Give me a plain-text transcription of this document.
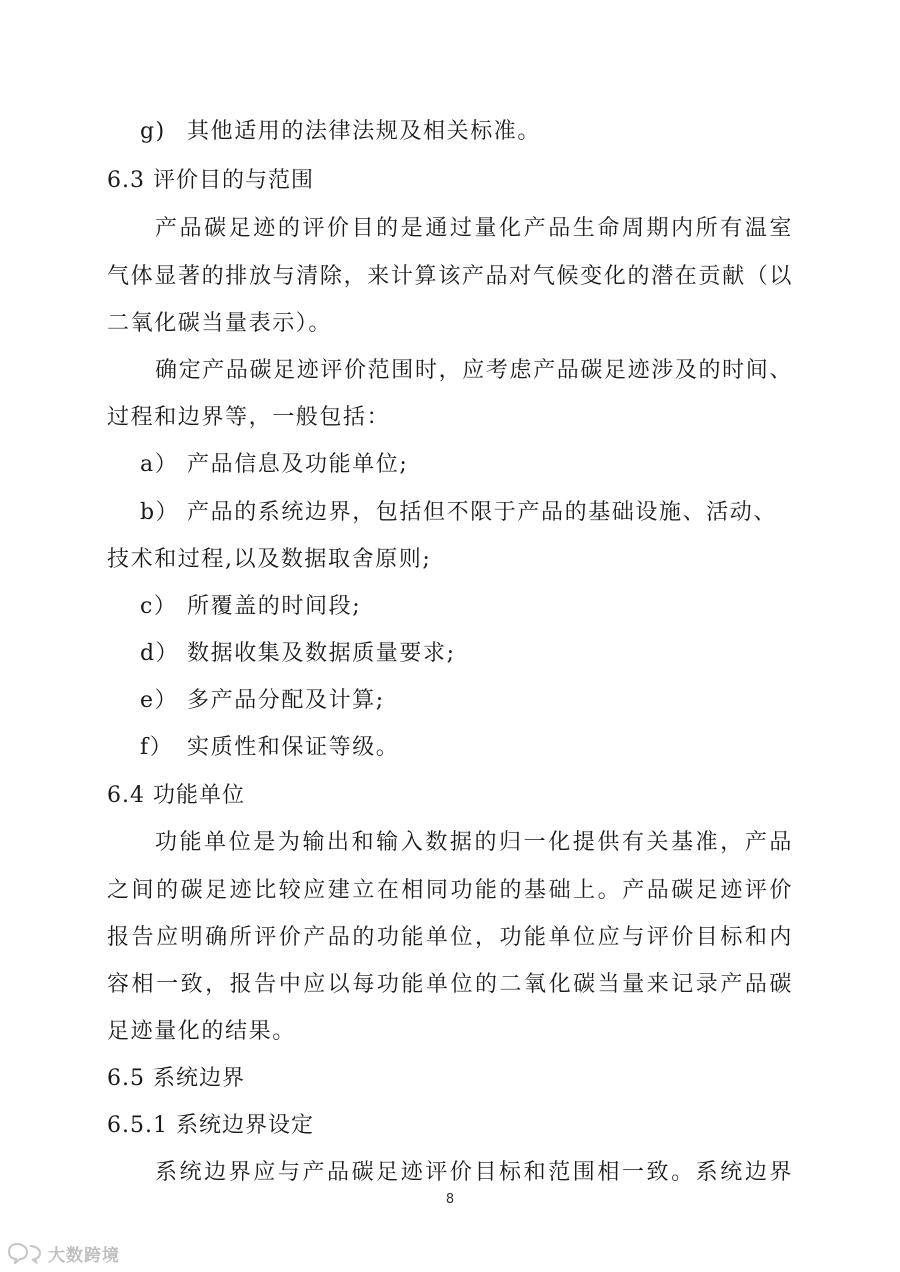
g) 其他适用的法律法规及相关标准。
6.3 评价目的与范围
产品碳足迹的评价目的是通过量化产品生命周期内所有温室
气体显著的排放与清除，来计算该产品对气候变化的潜在贡献（以
二氧化碳当量表示）。
确定产品碳足迹评价范围时，应考虑产品碳足迹涉及的时间、
过程和边界等，一般包括：
a） 产品信息及功能单位;
b） 产品的系统边界，包括但不限于产品的基础设施、活动、
技术和过程,以及数据取舍原则;
c） 所覆盖的时间段;
d） 数据收集及数据质量要求;
e） 多产品分配及计算;
f） 实质性和保证等级。
6.4 功能单位
功能单位是为输出和输入数据的归一化提供有关基准，产品
之间的碳足迹比较应建立在相同功能的基础上。产品碳足迹评价
报告应明确所评价产品的功能单位，功能单位应与评价目标和内
容相一致，报告中应以每功能单位的二氧化碳当量来记录产品碳
足迹量化的结果。
6.5 系统边界
6.5.1 系统边界设定
系统边界应与产品碳足迹评价目标和范围相一致。系统边界
8
大数跨境
